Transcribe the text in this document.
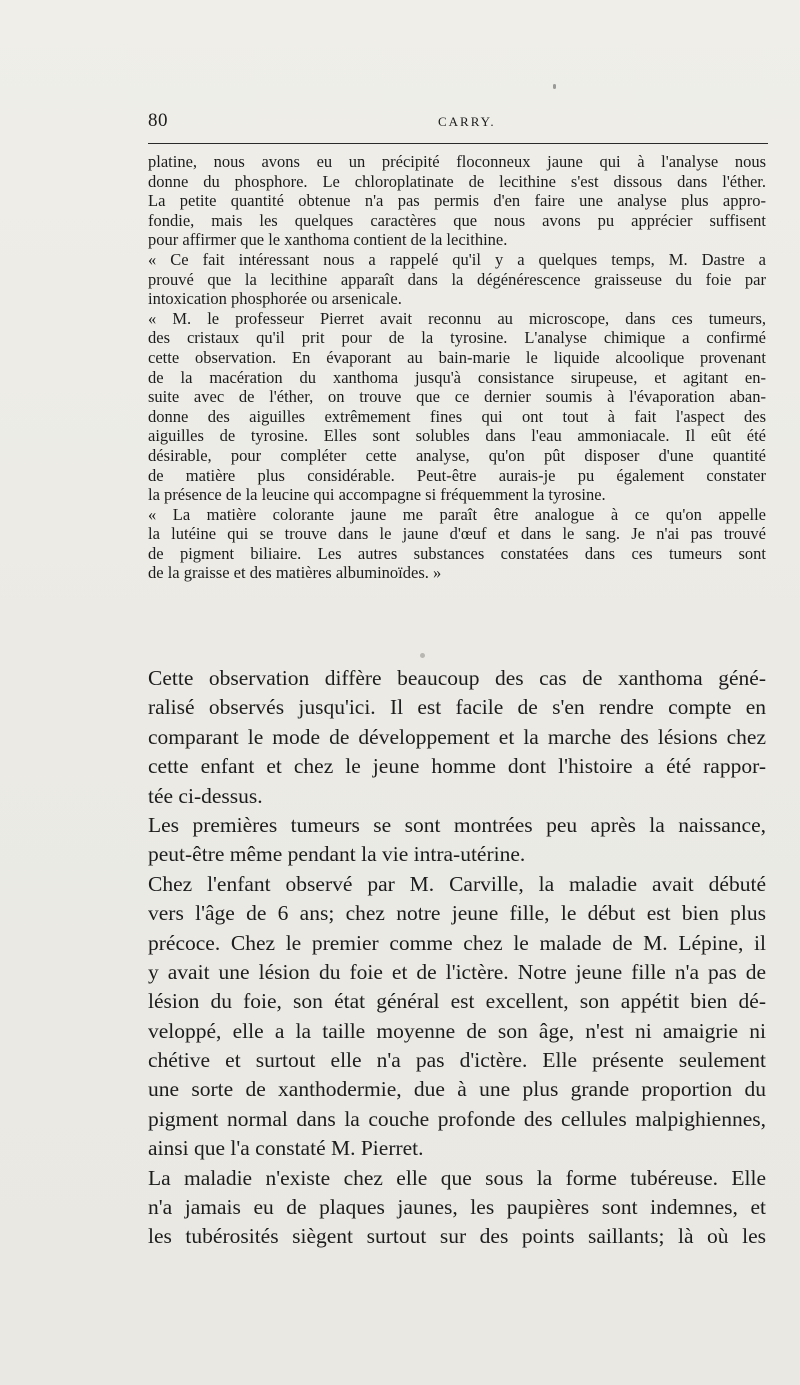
80	CARRY.
platine, nous avons eu un précipité floconneux jaune qui à l'analyse nous
donne du phosphore. Le chloroplatinate de lecithine s'est dissous dans l'éther.
La petite quantité obtenue n'a pas permis d'en faire une analyse plus appro-
fondie, mais les quelques caractères que nous avons pu apprécier suffisent
pour affirmer que le xanthoma contient de la lecithine.
« Ce fait intéressant nous a rappelé qu'il y a quelques temps, M. Dastre a
prouvé que la lecithine apparaît dans la dégénérescence graisseuse du foie par
intoxication phosphorée ou arsenicale.
« M. le professeur Pierret avait reconnu au microscope, dans ces tumeurs,
des cristaux qu'il prit pour de la tyrosine. L'analyse chimique a confirmé
cette observation. En évaporant au bain-marie le liquide alcoolique provenant
de la macération du xanthoma jusqu'à consistance sirupeuse, et agitant en-
suite avec de l'éther, on trouve que ce dernier soumis à l'évaporation aban-
donne des aiguilles extrêmement fines qui ont tout à fait l'aspect des
aiguilles de tyrosine. Elles sont solubles dans l'eau ammoniacale. Il eût été
désirable, pour compléter cette analyse, qu'on pût disposer d'une quantité
de matière plus considérable. Peut-être aurais-je pu également constater
la présence de la leucine qui accompagne si fréquemment la tyrosine.
« La matière colorante jaune me paraît être analogue à ce qu'on appelle
la lutéine qui se trouve dans le jaune d'œuf et dans le sang. Je n'ai pas trouvé
de pigment biliaire. Les autres substances constatées dans ces tumeurs sont
de la graisse et des matières albuminoïdes. »
Cette observation diffère beaucoup des cas de xanthoma géné-
ralisé observés jusqu'ici. Il est facile de s'en rendre compte en
comparant le mode de développement et la marche des lésions chez
cette enfant et chez le jeune homme dont l'histoire a été rappor-
tée ci-dessus.
Les premières tumeurs se sont montrées peu après la naissance,
peut-être même pendant la vie intra-utérine.
Chez l'enfant observé par M. Carville, la maladie avait débuté
vers l'âge de 6 ans; chez notre jeune fille, le début est bien plus
précoce. Chez le premier comme chez le malade de M. Lépine, il
y avait une lésion du foie et de l'ictère. Notre jeune fille n'a pas de
lésion du foie, son état général est excellent, son appétit bien dé-
veloppé, elle a la taille moyenne de son âge, n'est ni amaigrie ni
chétive et surtout elle n'a pas d'ictère. Elle présente seulement
une sorte de xanthodermie, due à une plus grande proportion du
pigment normal dans la couche profonde des cellules malpighiennes,
ainsi que l'a constaté M. Pierret.
La maladie n'existe chez elle que sous la forme tubéreuse. Elle
n'a jamais eu de plaques jaunes, les paupières sont indemnes, et
les tubérosités siègent surtout sur des points saillants; là où les
